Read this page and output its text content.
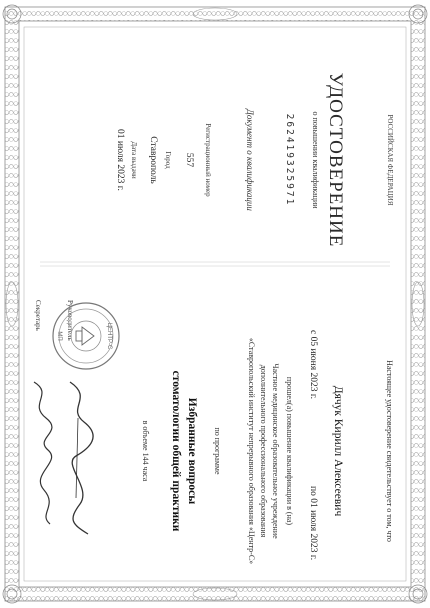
РОССИЙСКАЯ ФЕДЕРАЦИЯ
УДОСТОВЕРЕНИЕ
о повышении квалификации
262419325971
Документ о квалификации
Регистрационный номер
557
Город
Ставрополь
Дата выдачи
01 июля 2023 г.
Настоящее удостоверение свидетельствует о том, что
Дячук Кирилл Алексеевич
с 05 июня 2023 г.
по 01 июля 2023 г.
прошел(а) повышение квалификации в (на)
Частное медицинское образовательное учреждение
дополнительного профессионального образования
«Ставропольский институт непрерывного образования «Центр-С»
по программе
Избранные вопросы
стоматологии общей практики
в объеме 144 часа
Руководитель
Секретарь
ЦЕНТР-С
МП
